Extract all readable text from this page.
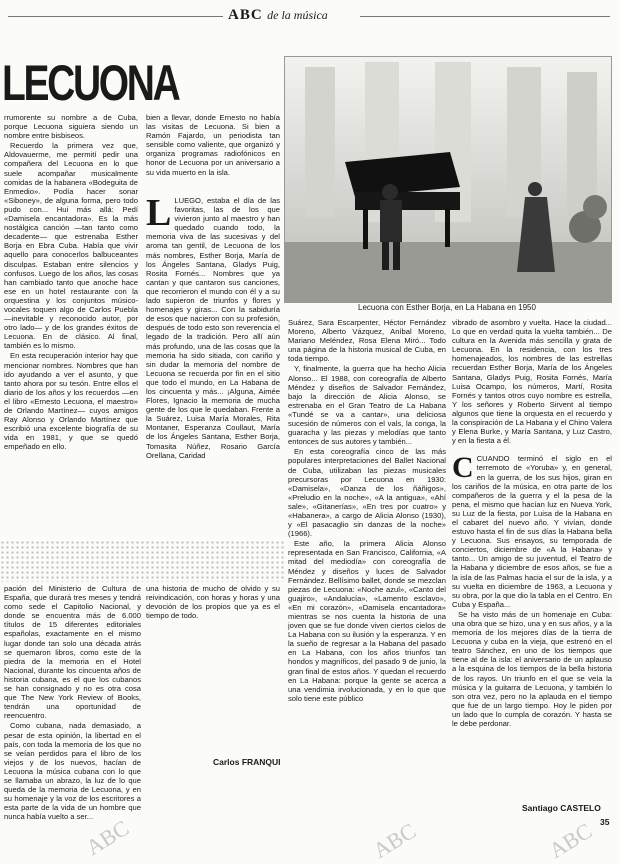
ABC de la música
LECUONA
Lecuona con Esther Borja, en La Habana en 1950

rrumorente su nombre a de Cuba, porque Lecuona siguiera siendo un nombre entre bisbiseos.

Recuerdo la primera vez que, Aldovauerme, me permití pedir una compañera del Lecuona en lo que suele acompañar musicalmente comidas de la habanera «Bodeguita de Enmedio». Podía hacer sonar «Siboney», de alguna forma, pero todo pudo con... Hui más allá: Pedí «Damisela encantadora». Es la más nostálgica canción —tan tanto como decadente— que estrenaba Esther Borja en Ebra Cuba. Había que vivir aquello para conocerlos balbuceantes disculpas. Estaban entre silencios y confusos. Luego de los años, las cosas han cambiado tanto que anoche hace ese en un hotel restaurante con la orquestina y los conjuntos músico-vocales toquen algo de Carlos Puebla —inevitable y reconocido autor, por otro lado— y de los grandes éxitos de Lecuona. En de clásico. Al final, también es lo mismo.

En esta recuperación interior hay que mencionar nombres. Nombres que han ido ayudando a ver el asunto, y que tanto ahora por su tesón. Entre ellos el diario de los años y los recuerdos —en el libro «Ernesto Lecuona, el maestro» de Orlando Martínez— cuyos amigos Ray Alonso y Orlando Martínez que escribió una excelente biografía de su vida en 1981, y que se quedó empeñado en ello.

bien a llevar, donde Ernesto no había las visitas de Lecuona. Si bien a Ramón Fajardo, un periodista tan sensible como valiente, que organizó y organiza programas radiofónicos en honor de Lecuona por un aniversario a su vida muerto en la isla.

L LUEGO, estaba el día de las favoritas, las de los que vivieron junto al maestro y han quedado cuando todo, la memoria viva de las sucesivas y del aroma tan gentil, de Lecuona de los más nombres, Esther Borja, María de los Ángeles Santana, Gladys Puig, Rosita Fornés... Nombres que ya cantan y que cantaron sus canciones, que recorrieron el mundo con él y a su lado supieron de triunfos y flores y homenajes y giras... Con la sabiduría de esos que nacieron con su profesión, después de todo esto son reverencia el legado de la tradición. Pero allí aún más profundo, una de las cosas que la memoria ha sido sitiada, con cariño y sin dudar la memoria del nombre de Lecuona se recuerda por fin en el sitio que todo el mundo, en La Habana de los cincuenta y más... ¡Alguna, Aimée Flores, Ignacio la memoria de mucha gente de los que le quedaban. Frente a la Suárez, Luisa María Morales, Rita Montaner, Esperanza Coullaut, María de los Ángeles Santana, Esther Borja, Tomasita Núñez, Rosario García Orellana, Caridad

Suárez, Sara Escarpenter, Héctor Fernández Moreno, Alberto Vázquez, Aníbal Moreno, Mariano Meléndez, Rosa Elena Miró... Todo una página de la historia musical de Cuba, en toda tiempo.

Y, finalmente, la guerra que ha hecho Alicia Alonso... El 1988, con coreografía de Alberto Méndez y diseños de Salvador Fernández, bajo la dirección de Alicia Alonso, se estrenaba en el Gran Teatro de La Habana «Tundé se va a cantar», una deliciosa sucesión de números con el vals, la conga, la guaracha y las piezas y melodías que tanto entonces de sus autores y también...

En esta coreografía cinco de las más populares interpretaciones del Ballet Nacional de Cuba, utilizaban las piezas musicales precursoras por Lecuona en 1930: «Damisela», «Danza de los ñáñigos», «Preludio en la noche», «A la antigua», «Ahí sale», «Gitanerías», «En tres por cuatro» y «Habanera», a cargo de Alicia Alonso (1930), y «El pasacaglio sin danzas de la noche» (1966).

Este año, la primera Alicia Alonso representada en San Francisco, California, «A mitad del mediodía» con coreografía de Méndez y diseños y luces de Salvador Fernández. Bellísimo ballet, donde se mezclan piezas de Lecuona: «Noche azul», «Canto del guajiro», «Andalucía», «Lamento esclavo», «En mi corazón», «Damisela encantadora» mientras se nos cuenta la historia de una joven que se fue donde viven ciertos cielos de La Habana con su ilusión y la esperanza. Y en la sueño de regresar a la Habana del pasado en La Habana, con los años triunfos tan hondos y magníficos, del pasado 9 de junio, la gran final de estos años. Y quedan el recuerdo en La Habana: porque la gente se acerca a una vendimia irvolucionada, y en lo que que solo tiene este público

vibrado de asombro y vuelta. Hace la ciudad... Lo que en verdad quita la vuelta también... De cultura en la Avenida más sencilla y grata de Lecuona. En la residencia, con los tres homenajeados, los nombres de las estrellas recuerdan Esther Borja, María de los Ángeles Santana, Gladys Puig, Rosita Fornés, María Luisa Ocampo, los números, Martí, Rosita Fornés y tantos otros cuyo nombre es estrella, Y los señores y Roberto Sirvent al tiempo algunos que tiene la orquesta en el recuerdo y la conspiración de La Habana y el Chino Valera y Elena Burke, y María Santana, y Luz Castro, y en la fiesta a él.

C CUANDO terminó el siglo en el terremoto de «Yoruba» y, en general, en la guerra, de los sus hijos, giran en los cariños de la música, en otra parte de los compañeros de la guerra y el la pesa de la pena, el mismo que hacían luz en Nueva York, su Luz de la fiesta, por Luisa de la Habana en el cabaret del nuevo año. Y vivían, donde estuvo hasta el fin de sus días la Habana bella y Lecuona. Sus ensayos, su temporada de conciertos, diciembre de «A la Habana» y tanto... Un amigo de su juventud, el Teatro de la Habana y diciembre de esos años, se fue a la isla de las Palmas hacia el sur de la isla, y a su vuelta en diciembre de 1963, a Lecuona y su obra, por la que dio la tabla en el Centro. En Cuba y España...

Se ha visto más de un homenaje en Cuba: una obra que se hizo, una y en sus años, y a la memoria de los mejores días de la tierra de Lecuona y cuba en la vieja, que estrenó en el teatro Sánchez, en uno de los tiempos que tiene al de la isla: el aniversario de un aplauso a la esquina de los tiempos de la bella historia de los rayos. Un triunfo en el que se veía la música y la guitarra de Lecuona, y también lo son otra vez, pero no la aplauda en el tiempo que fue de un largo tiempo. Hoy le piden por un lado que lo cumpla de corazón. Y hasta se le debe perdonar.

pación del Ministerio de Cultura de España, que durará tres meses y tendrá como sede el Capitolio Nacional, y donde se encuentra más de 6.000 títulos de 15 diferentes editoriales españolas, exactamente en el mismo lugar donde tan solo una década atrás se quemaron libros, como este de la piedra de la memoria en el Hotel Nacional, durante los cincuenta años de historia cubana, es el que los cubanos se han consignado y no es otra cosa que The New York Review of Books, tendrán una oportunidad de reencuentro.

Como cubana, nada demasiado, a pesar de esta opinión, la libertad en el país, con toda la memoria de los que no se veían perdidos para el libro de los viejos y de los nuevos, hacían de Lecuona la música cubana con lo que se llamaba un abrazo, la luz de lo que queda de la memoria de Lecuona, y en su homenaje y la voz de los escritores a esta parte de la vida de un hombre que nunca había vuelto a ser...

una historia de mucho de olvido y su reivindicación, con horas y horas y una devoción de los propios que ya es el tiempo de todo.

Carlos FRANQUI
Santiago CASTELO
35
ABC	ABC	ABC
